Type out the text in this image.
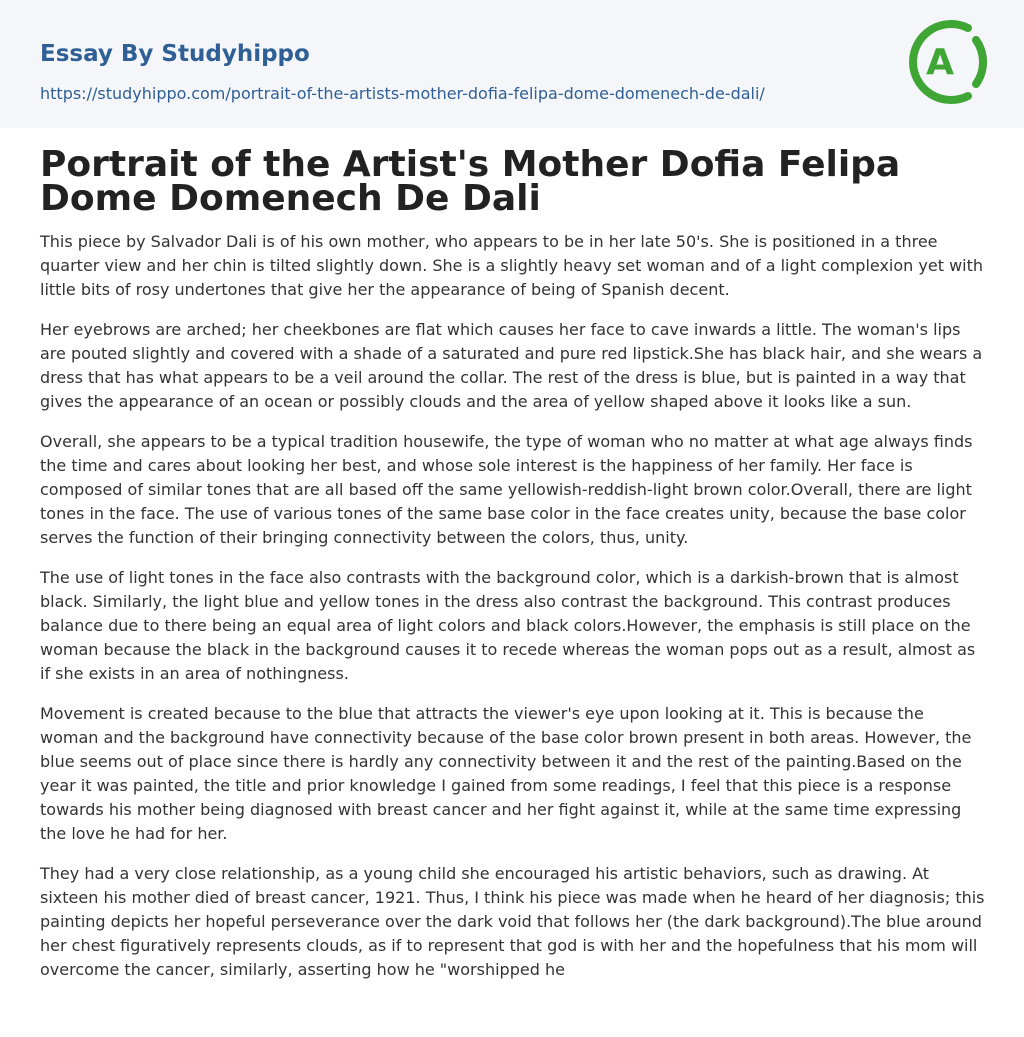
Essay By Studyhippo
https://studyhippo.com/portrait-of-the-artists-mother-dofia-felipa-dome-domenech-de-dali/
A
Portrait of the Artist's Mother Dofia Felipa Dome Domenech De Dali

This piece by Salvador Dali is of his own mother, who appears to be in her late 50's. She is positioned in a three quarter view and her chin is tilted slightly down. She is a slightly heavy set woman and of a light complexion yet with little bits of rosy undertones that give her the appearance of being of Spanish decent.

Her eyebrows are arched; her cheekbones are flat which causes her face to cave inwards a little. The woman's lips are pouted slightly and covered with a shade of a saturated and pure red lipstick.She has black hair, and she wears a dress that has what appears to be a veil around the collar. The rest of the dress is blue, but is painted in a way that gives the appearance of an ocean or possibly clouds and the area of yellow shaped above it looks like a sun.

Overall, she appears to be a typical tradition housewife, the type of woman who no matter at what age always finds the time and cares about looking her best, and whose sole interest is the happiness of her family. Her face is composed of similar tones that are all based off the same yellowish-reddish-light brown color.Overall, there are light tones in the face. The use of various tones of the same base color in the face creates unity, because the base color serves the function of their bringing connectivity between the colors, thus, unity.

The use of light tones in the face also contrasts with the background color, which is a darkish-brown that is almost black. Similarly, the light blue and yellow tones in the dress also contrast the background. This contrast produces balance due to there being an equal area of light colors and black colors.However, the emphasis is still place on the woman because the black in the background causes it to recede whereas the woman pops out as a result, almost as if she exists in an area of nothingness.

Movement is created because to the blue that attracts the viewer's eye upon looking at it. This is because the woman and the background have connectivity because of the base color brown present in both areas. However, the blue seems out of place since there is hardly any connectivity between it and the rest of the painting.Based on the year it was painted, the title and prior knowledge I gained from some readings, I feel that this piece is a response towards his mother being diagnosed with breast cancer and her fight against it, while at the same time expressing the love he had for her.

They had a very close relationship, as a young child she encouraged his artistic behaviors, such as drawing. At sixteen his mother died of breast cancer, 1921. Thus, I think his piece was made when he heard of her diagnosis; this painting depicts her hopeful perseverance over the dark void that follows her (the dark background).The blue around her chest figuratively represents clouds, as if to represent that god is with her and the hopefulness that his mom will overcome the cancer, similarly, asserting how he "worshipped he
